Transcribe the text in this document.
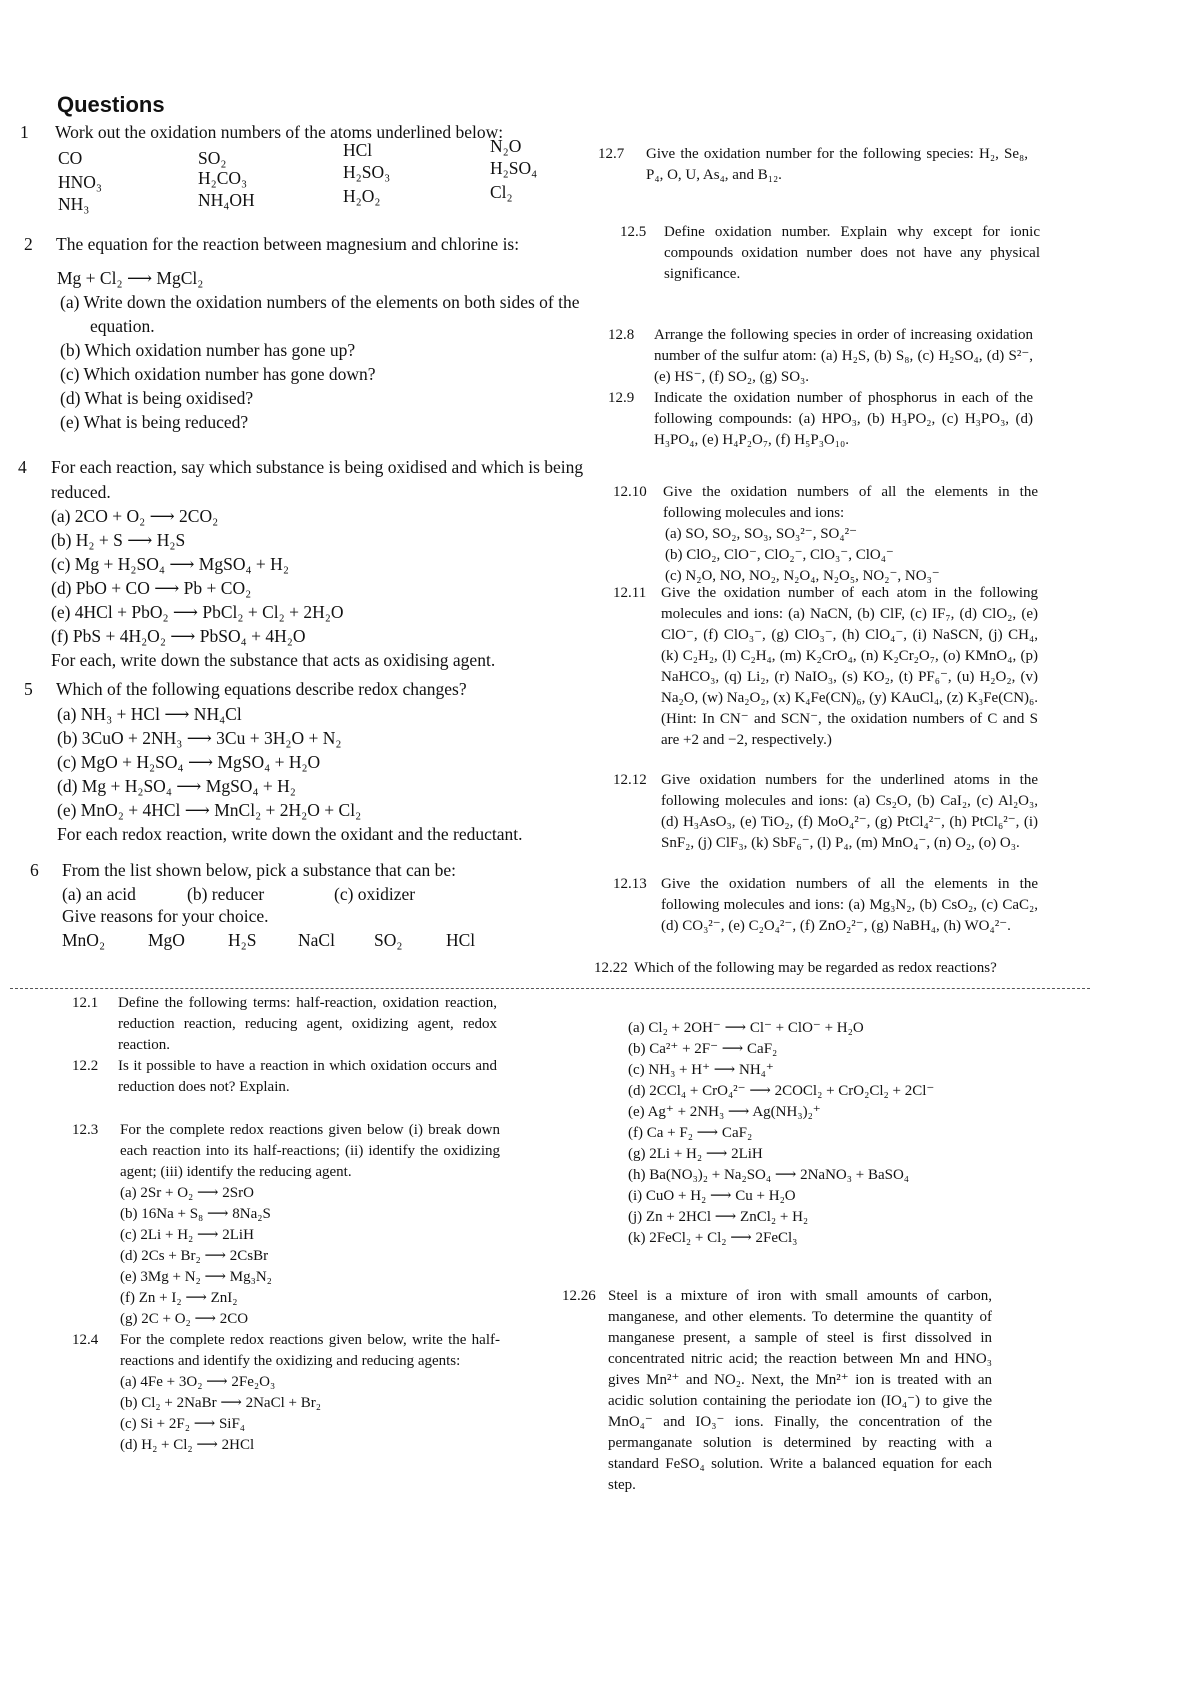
Questions
1 Work out the oxidation numbers of the atoms underlined below:
CO	SO₂	HCl	N₂O
HNO₃	H₂CO₃	H₂SO₃	H₂SO₄
NH₃	NH₄OH	H₂O₂	Cl₂
2 The equation for the reaction between magnesium and chlorine is:
Mg + Cl₂ ⟶ MgCl₂
(a) Write down the oxidation numbers of the elements on both sides of the
equation.
(b) Which oxidation number has gone up?
(c) Which oxidation number has gone down?
(d) What is being oxidised?
(e) What is being reduced?
4 For each reaction, say which substance is being oxidised and which is being
reduced.
(a) 2CO + O₂ ⟶ 2CO₂
(b) H₂ + S ⟶ H₂S
(c) Mg + H₂SO₄ ⟶ MgSO₄ + H₂
(d) PbO + CO ⟶ Pb + CO₂
(e) 4HCl + PbO₂ ⟶ PbCl₂ + Cl₂ + 2H₂O
(f) PbS + 4H₂O₂ ⟶ PbSO₄ + 4H₂O
For each, write down the substance that acts as oxidising agent.
5 Which of the following equations describe redox changes?
(a) NH₃ + HCl ⟶ NH₄Cl
(b) 3CuO + 2NH₃ ⟶ 3Cu + 3H₂O + N₂
(c) MgO + H₂SO₄ ⟶ MgSO₄ + H₂O
(d) Mg + H₂SO₄ ⟶ MgSO₄ + H₂
(e) MnO₂ + 4HCl ⟶ MnCl₂ + 2H₂O + Cl₂
For each redox reaction, write down the oxidant and the reductant.
6 From the list shown below, pick a substance that can be:
(a) an acid	(b) reducer	(c) oxidizer
Give reasons for your choice.
MnO₂ MgO H₂S NaCl SO₂ HCl
12.7 Give the oxidation number for the following species: H₂, Se₈, P₄, O, U, As₄, and B₁₂.
12.5 Define oxidation number. Explain why except for ionic compounds oxidation number does not have any physical significance.
12.8 Arrange the following species in order of increasing oxidation number of the sulfur atom: (a) H₂S, (b) S₈, (c) H₂SO₄, (d) S²⁻, (e) HS⁻, (f) SO₂, (g) SO₃.
12.9 Indicate the oxidation number of phosphorus in each of the following compounds: (a) HPO₃, (b) H₃PO₂, (c) H₃PO₃, (d) H₃PO₄, (e) H₄P₂O₇, (f) H₅P₃O₁₀.
12.10 Give the oxidation numbers of all the elements in the following molecules and ions:
(a) SO, SO₂, SO₃, SO₃²⁻, SO₄²⁻
(b) ClO₂, ClO⁻, ClO₂⁻, ClO₃⁻, ClO₄⁻
(c) N₂O, NO, NO₂, N₂O₄, N₂O₅, NO₂⁻, NO₃⁻
12.11 Give the oxidation number of each atom in the following molecules and ions: (a) NaCN, (b) ClF, (c) IF₇, (d) ClO₂, (e) ClO⁻, (f) ClO₃⁻, (g) ClO₃⁻, (h) ClO₄⁻, (i) NaSCN, (j) CH₄, (k) C₂H₂, (l) C₂H₄, (m) K₂CrO₄, (n) K₂Cr₂O₇, (o) KMnO₄, (p) NaHCO₃, (q) Li₂, (r) NaIO₃, (s) KO₂, (t) PF₆⁻, (u) H₂O₂, (v) Na₂O, (w) Na₂O₂, (x) K₄Fe(CN)₆, (y) KAuCl₄, (z) K₃Fe(CN)₆. (Hint: In CN⁻ and SCN⁻, the oxidation numbers of C and S are +2 and −2, respectively.)
12.12 Give oxidation numbers for the underlined atoms in the following molecules and ions: (a) Cs₂O, (b) CaI₂, (c) Al₂O₃, (d) H₃AsO₃, (e) TiO₂, (f) MoO₄²⁻, (g) PtCl₄²⁻, (h) PtCl₆²⁻, (i) SnF₂, (j) ClF₃, (k) SbF₆⁻, (l) P₄, (m) MnO₄⁻, (n) O₂, (o) O₃.
12.13 Give the oxidation numbers of all the elements in the following molecules and ions: (a) Mg₃N₂, (b) CsO₂, (c) CaC₂, (d) CO₃²⁻, (e) C₂O₄²⁻, (f) ZnO₂²⁻, (g) NaBH₄, (h) WO₄²⁻.
12.22 Which of the following may be regarded as redox reactions?
12.1 Define the following terms: half-reaction, oxidation reaction, reduction reaction, reducing agent, oxidizing agent, redox reaction.
12.2 Is it possible to have a reaction in which oxidation occurs and reduction does not? Explain.
12.3 For the complete redox reactions given below (i) break down each reaction into its half-reactions; (ii) identify the oxidizing agent; (iii) identify the reducing agent.
(a) 2Sr + O₂ ⟶ 2SrO
(b) 16Na + S₈ ⟶ 8Na₂S
(c) 2Li + H₂ ⟶ 2LiH
(d) 2Cs + Br₂ ⟶ 2CsBr
(e) 3Mg + N₂ ⟶ Mg₃N₂
(f) Zn + I₂ ⟶ ZnI₂
(g) 2C + O₂ ⟶ 2CO
12.4 For the complete redox reactions given below, write the half-reactions and identify the oxidizing and reducing agents:
(a) 4Fe + 3O₂ ⟶ 2Fe₂O₃
(b) Cl₂ + 2NaBr ⟶ 2NaCl + Br₂
(c) Si + 2F₂ ⟶ SiF₄
(d) H₂ + Cl₂ ⟶ 2HCl
(a) Cl₂ + 2OH⁻ ⟶ Cl⁻ + ClO⁻ + H₂O
(b) Ca²⁺ + 2F⁻ ⟶ CaF₂
(c) NH₃ + H⁺ ⟶ NH₄⁺
(d) 2CCl₄ + CrO₄²⁻ ⟶ 2COCl₂ + CrO₂Cl₂ + 2Cl⁻
(e) Ag⁺ + 2NH₃ ⟶ Ag(NH₃)₂⁺
(f) Ca + F₂ ⟶ CaF₂
(g) 2Li + H₂ ⟶ 2LiH
(h) Ba(NO₃)₂ + Na₂SO₄ ⟶ 2NaNO₃ + BaSO₄
(i) CuO + H₂ ⟶ Cu + H₂O
(j) Zn + 2HCl ⟶ ZnCl₂ + H₂
(k) 2FeCl₂ + Cl₂ ⟶ 2FeCl₃
12.26 Steel is a mixture of iron with small amounts of carbon, manganese, and other elements. To determine the quantity of manganese present, a sample of steel is first dissolved in concentrated nitric acid; the reaction between Mn and HNO₃ gives Mn²⁺ and NO₂. Next, the Mn²⁺ ion is treated with an acidic solution containing the periodate ion (IO₄⁻) to give the MnO₄⁻ and IO₃⁻ ions. Finally, the concentration of the permanganate solution is determined by reacting with a standard FeSO₄ solution. Write a balanced equation for each step.
